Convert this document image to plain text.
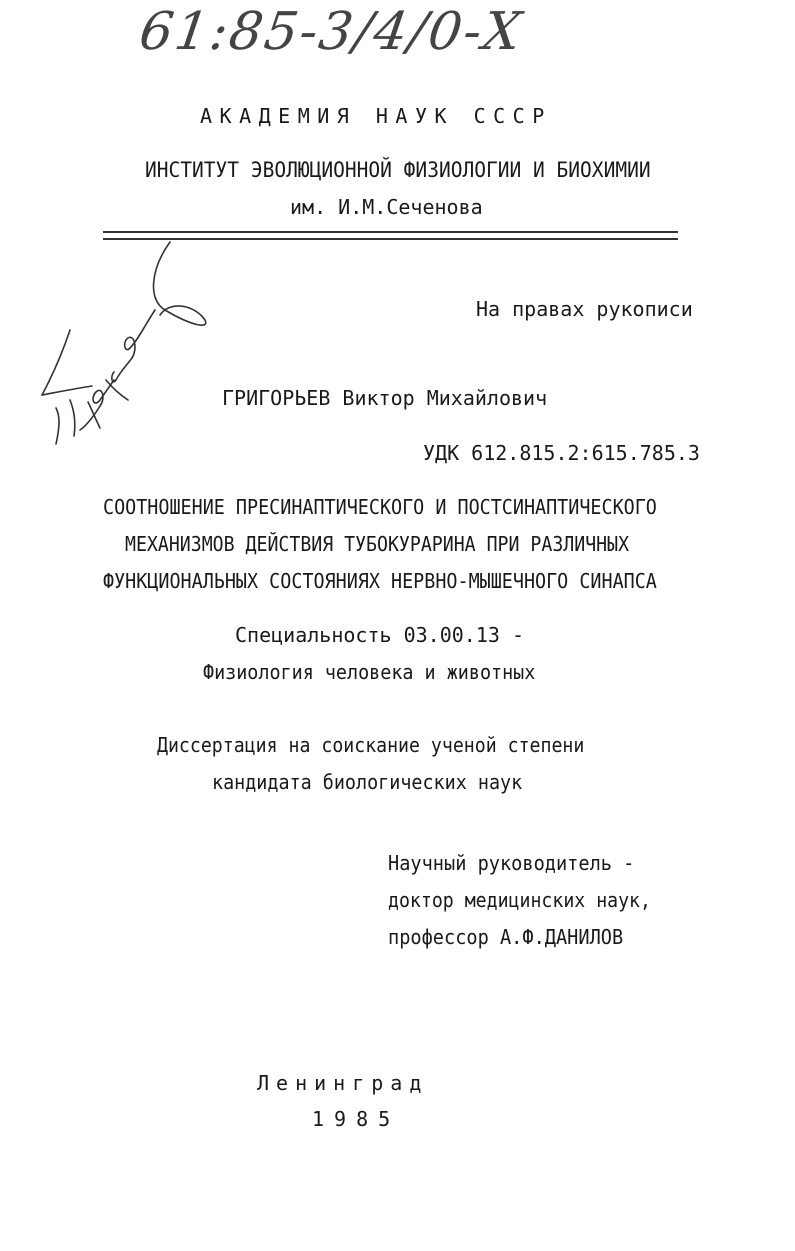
61:85-3/4/0-Х
АКАДЕМИЯ НАУК СССР
ИНСТИТУТ ЭВОЛЮЦИОННОЙ ФИЗИОЛОГИИ И БИОХИМИИ
им. И.М.Сеченова
На правах рукописи
ГРИГОРЬЕВ Виктор Михайлович
УДК 612.815.2:615.785.3
СООТНОШЕНИЕ ПРЕСИНАПТИЧЕСКОГО И ПОСТСИНАПТИЧЕСКОГО
МЕХАНИЗМОВ ДЕЙСТВИЯ ТУБОКУРАРИНА ПРИ РАЗЛИЧНЫХ
ФУНКЦИОНАЛЬНЫХ СОСТОЯНИЯХ НЕРВНО-МЫШЕЧНОГО СИНАПСА
Специальность 03.00.13 -
Физиология человека и животных
Диссертация на соискание ученой степени
кандидата биологических наук
Научный руководитель -
доктор медицинских наук,
профессор А.Ф.ДАНИЛОВ
Ленинград
1985
